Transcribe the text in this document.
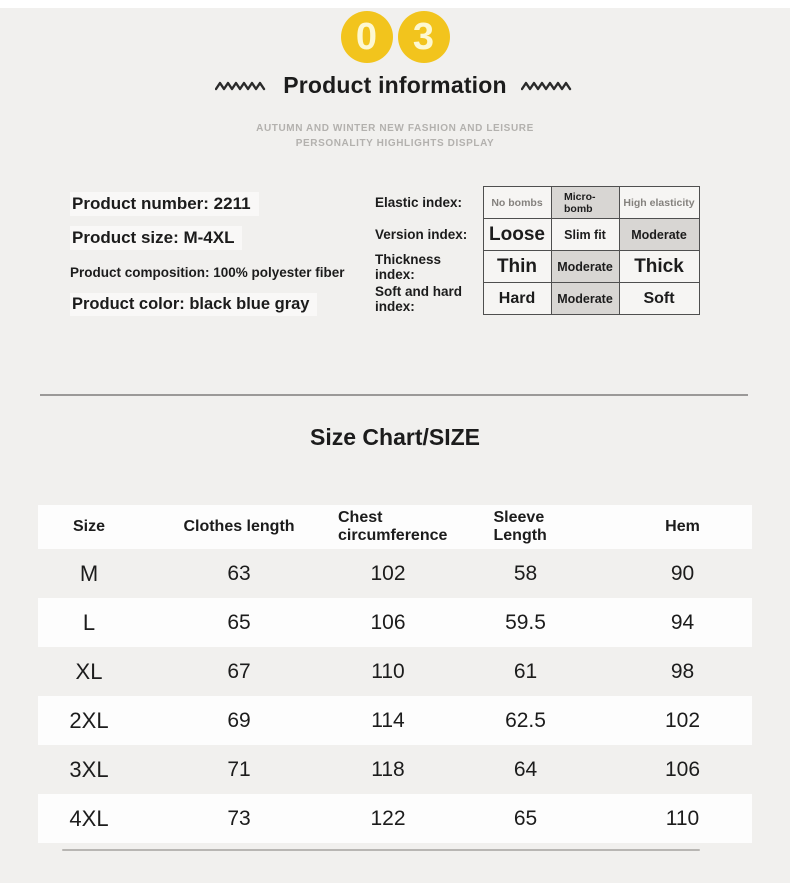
0 3
Product information
AUTUMN AND WINTER NEW FASHION AND LEISURE
PERSONALITY HIGHLIGHTS DISPLAY
Product number: 2211
Product size: M-4XL
Product composition: 100% polyester fiber
Product color: black blue gray
Elastic index:	No bombs	Micro-bomb	High elasticity
Version index:	Loose	Slim fit	Moderate
Thickness index:	Thin	Moderate	Thick
Soft and hard index:	Hard	Moderate	Soft
Size Chart/SIZE
Size	Clothes length	Chest circumference	Sleeve Length	Hem
M	63	102	58	90
L	65	106	59.5	94
XL	67	110	61	98
2XL	69	114	62.5	102
3XL	71	118	64	106
4XL	73	122	65	110
